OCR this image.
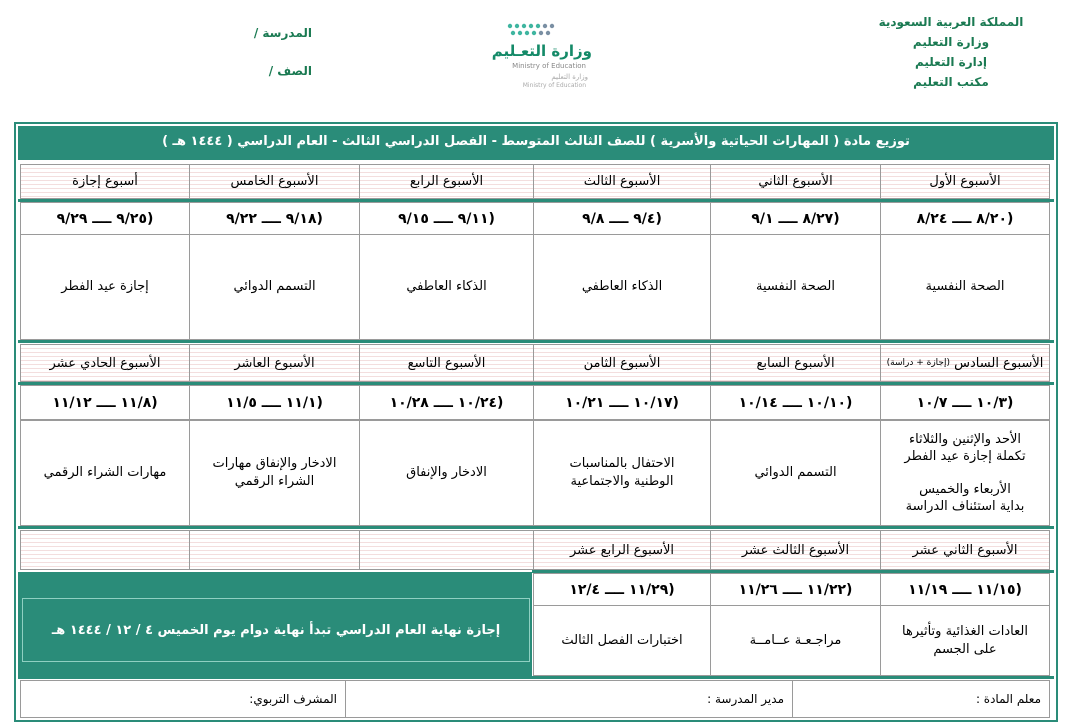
المملكة العربية السعودية
وزارة التعليم
إدارة التعليم
مكتب التعليم
وزارة التعـليم
Ministry of Education
وزارة التعليم
Ministry of Education
المدرسة /
الصف /
توزيع مادة ( المهارات الحياتية والأسرية ) للصف الثالث المتوسط - الفصل الدراسي الثالث - العام الدراسي ( ١٤٤٤ هـ )
الأسبوع الأول
الأسبوع الثاني
الأسبوع الثالث
الأسبوع الرابع
الأسبوع الخامس
أسبوع إجازة
(٨/٢٠ ــــ ٨/٢٤
(٨/٢٧ ــــ ٩/١
(٩/٤ ــــ ٩/٨
(٩/١١ ــــ ٩/١٥
(٩/١٨ ــــ ٩/٢٢
(٩/٢٥ ــــ ٩/٢٩
الصحة النفسية
الصحة النفسية
الذكاء العاطفي
الذكاء العاطفي
التسمم الدوائي
إجازة عيد الفطر
الأسبوع السادس

(إجازة + دراسة)
الأسبوع السابع
الأسبوع الثامن
الأسبوع التاسع
الأسبوع العاشر
الأسبوع الحادي عشر
(١٠/٣ ــــ ١٠/٧
(١٠/١٠ ــــ ١٠/١٤
(١٠/١٧ ــــ ١٠/٢١
(١٠/٢٤ ــــ ١٠/٢٨
(١١/١ ــــ ١١/٥
(١١/٨ ــــ ١١/١٢
الأحد والإثنين والثلاثاء
تكملة إجازة عيد الفطر
الأربعاء والخميس
بداية استئناف الدراسة
التسمم الدوائي
الاحتفال بالمناسبات الوطنية والاجتماعية
الادخار والإنفاق
الادخار والإنفاق مهارات الشراء الرقمي
مهارات الشراء الرقمي
الأسبوع الثاني عشر
الأسبوع الثالث عشر
الأسبوع الرابع عشر
إجازة نهاية العام الدراسي تبدأ نهاية دوام يوم الخميس ٤ / ١٢ / ١٤٤٤ هـ
(١١/١٥ ــــ ١١/١٩
(١١/٢٢ ــــ ١١/٢٦
(١١/٢٩ ــــ ١٢/٤
العادات الغذائية وتأثيرها على الجسم
مراجـعـة عــامــة
اختبارات الفصل الثالث
معلم المادة :
مدير المدرسة :
المشرف التربوي:
